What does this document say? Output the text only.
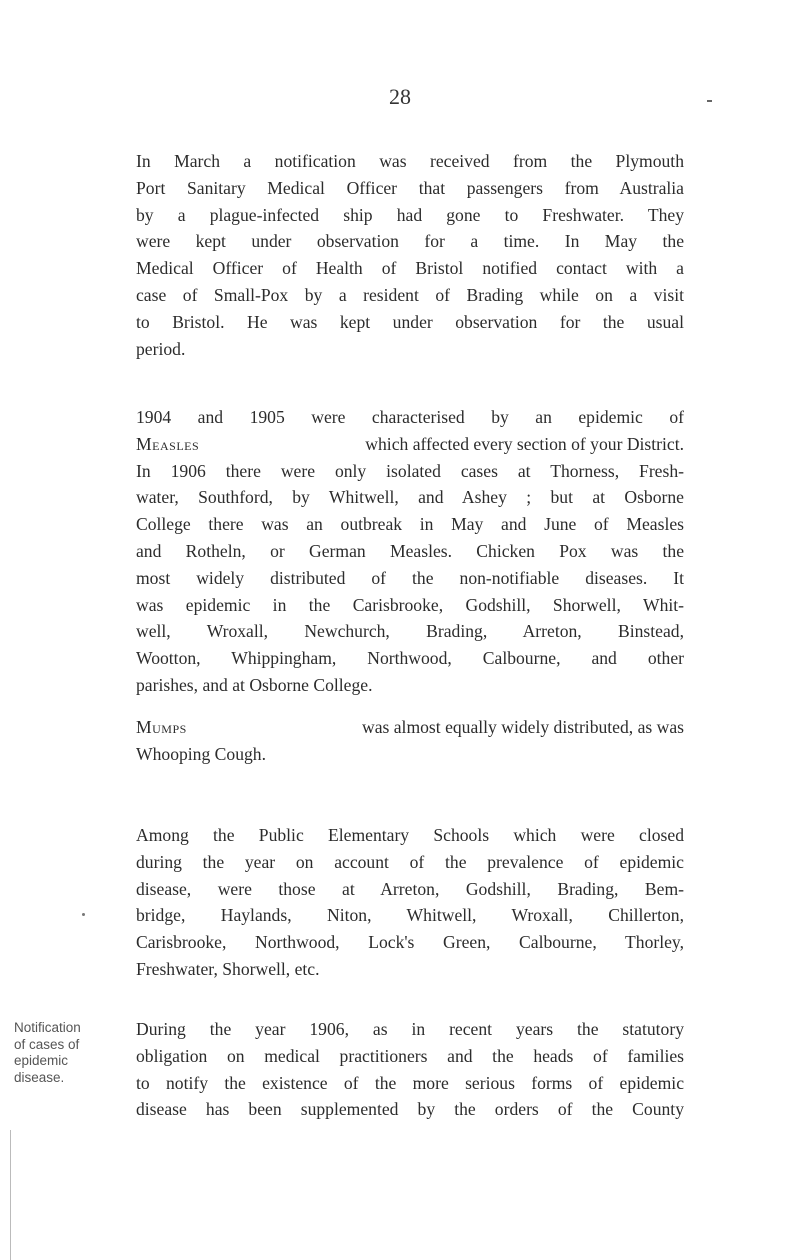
28

In March a notification was received from the Plymouth
Port Sanitary Medical Officer that passengers from Australia
by a plague-infected ship had gone to Freshwater. They
were kept under observation for a time. In May the
Medical Officer of Health of Bristol notified contact with a
case of Small-Pox by a resident of Brading while on a visit
to Bristol. He was kept under observation for the usual
period.

1904 and 1905 were characterised by an epidemic of
Measles	which affected every section of your District.
In 1906 there were only isolated cases at Thorness, Fresh-
water, Southford, by Whitwell, and Ashey ; but at Osborne
College there was an outbreak in May and June of Measles
and Rotheln, or German Measles. Chicken Pox was the
most widely distributed of the non-notifiable diseases. It
was epidemic in the Carisbrooke, Godshill, Shorwell, Whit-
well, Wroxall, Newchurch, Brading, Arreton, Binstead,
Wootton, Whippingham, Northwood, Calbourne, and other
parishes, and at Osborne College.

Mumps	was almost equally widely distributed, as was
Whooping Cough.

Among the Public Elementary Schools which were closed
during the year on account of the prevalence of epidemic
disease, were those at Arreton, Godshill, Brading, Bem-
bridge, Haylands, Niton, Whitwell, Wroxall, Chillerton,
Carisbrooke, Northwood, Lock's Green, Calbourne, Thorley,
Freshwater, Shorwell, etc.

Notification
of cases of
epidemic
disease.

During the year 1906, as in recent years the statutory
obligation on medical practitioners and the heads of families
to notify the existence of the more serious forms of epidemic
disease has been supplemented by the orders of the County
